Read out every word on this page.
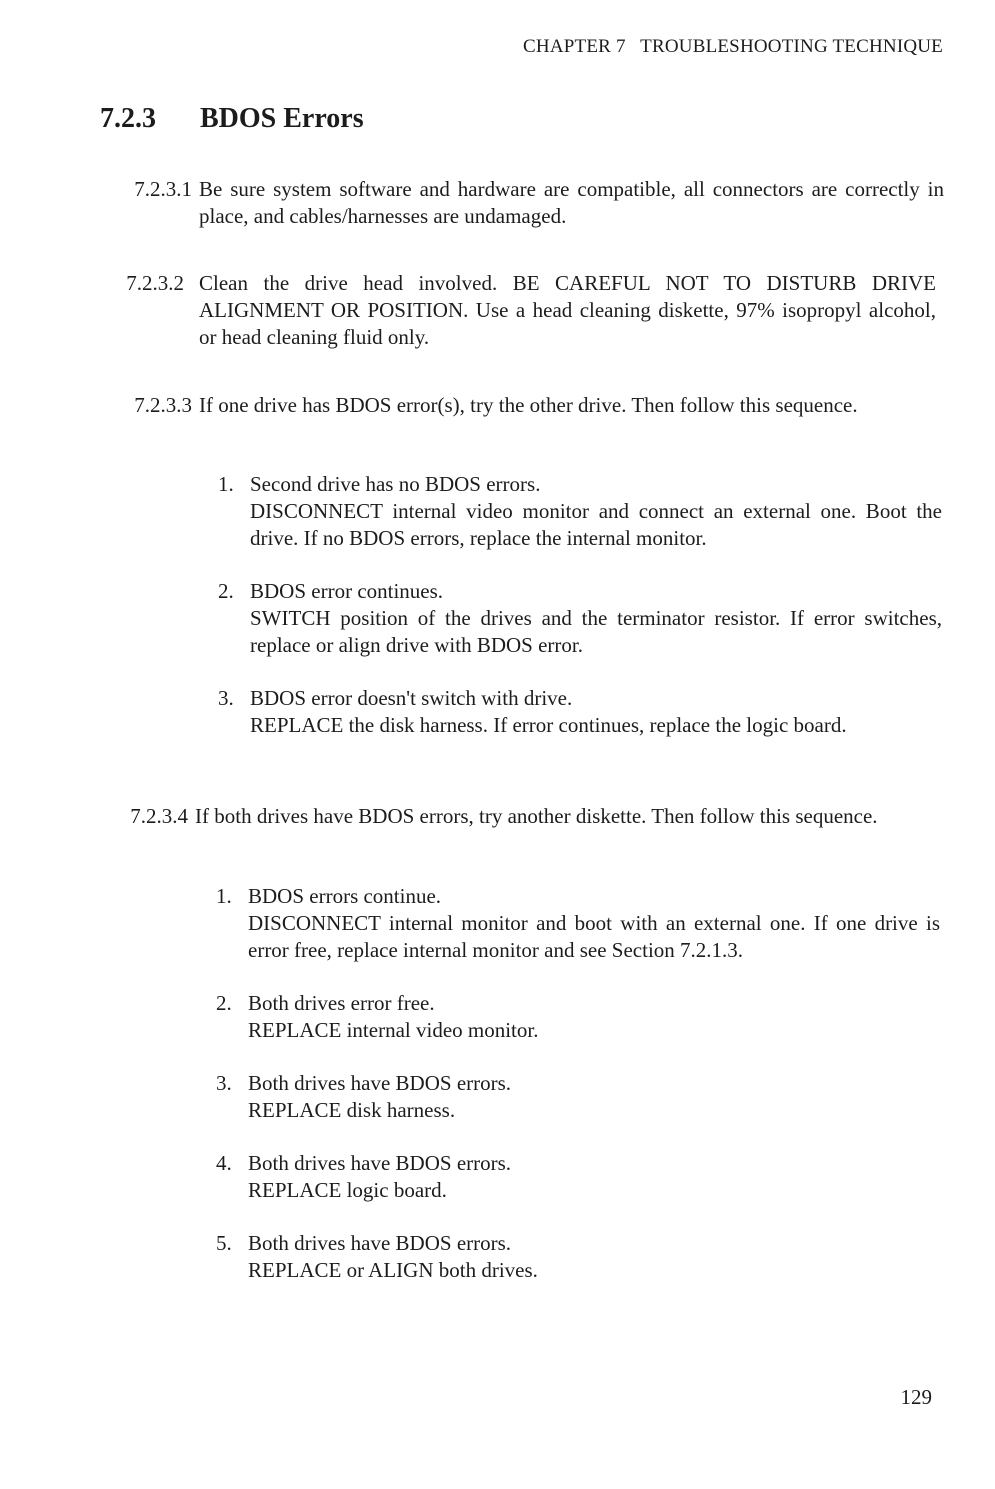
CHAPTER 7   TROUBLESHOOTING TECHNIQUE
7.2.3 BDOS Errors
7.2.3.1 Be sure system software and hardware are compatible, all connectors are correctly in place, and cables/harnesses are undamaged.
7.2.3.2 Clean the drive head involved. BE CAREFUL NOT TO DISTURB DRIVE ALIGNMENT OR POSITION. Use a head cleaning diskette, 97% isopropyl alcohol, or head cleaning fluid only.
7.2.3.3 If one drive has BDOS error(s), try the other drive. Then follow this sequence.
1. Second drive has no BDOS errors.
DISCONNECT internal video monitor and connect an external one. Boot the drive. If no BDOS errors, replace the internal monitor.
2. BDOS error continues.
SWITCH position of the drives and the terminator resistor. If error switches, replace or align drive with BDOS error.
3. BDOS error doesn't switch with drive.
REPLACE the disk harness. If error continues, replace the logic board.
7.2.3.4 If both drives have BDOS errors, try another diskette. Then follow this sequence.
1. BDOS errors continue.
DISCONNECT internal monitor and boot with an external one. If one drive is error free, replace internal monitor and see Section 7.2.1.3.
2. Both drives error free.
REPLACE internal video monitor.
3. Both drives have BDOS errors.
REPLACE disk harness.
4. Both drives have BDOS errors.
REPLACE logic board.
5. Both drives have BDOS errors.
REPLACE or ALIGN both drives.
129
